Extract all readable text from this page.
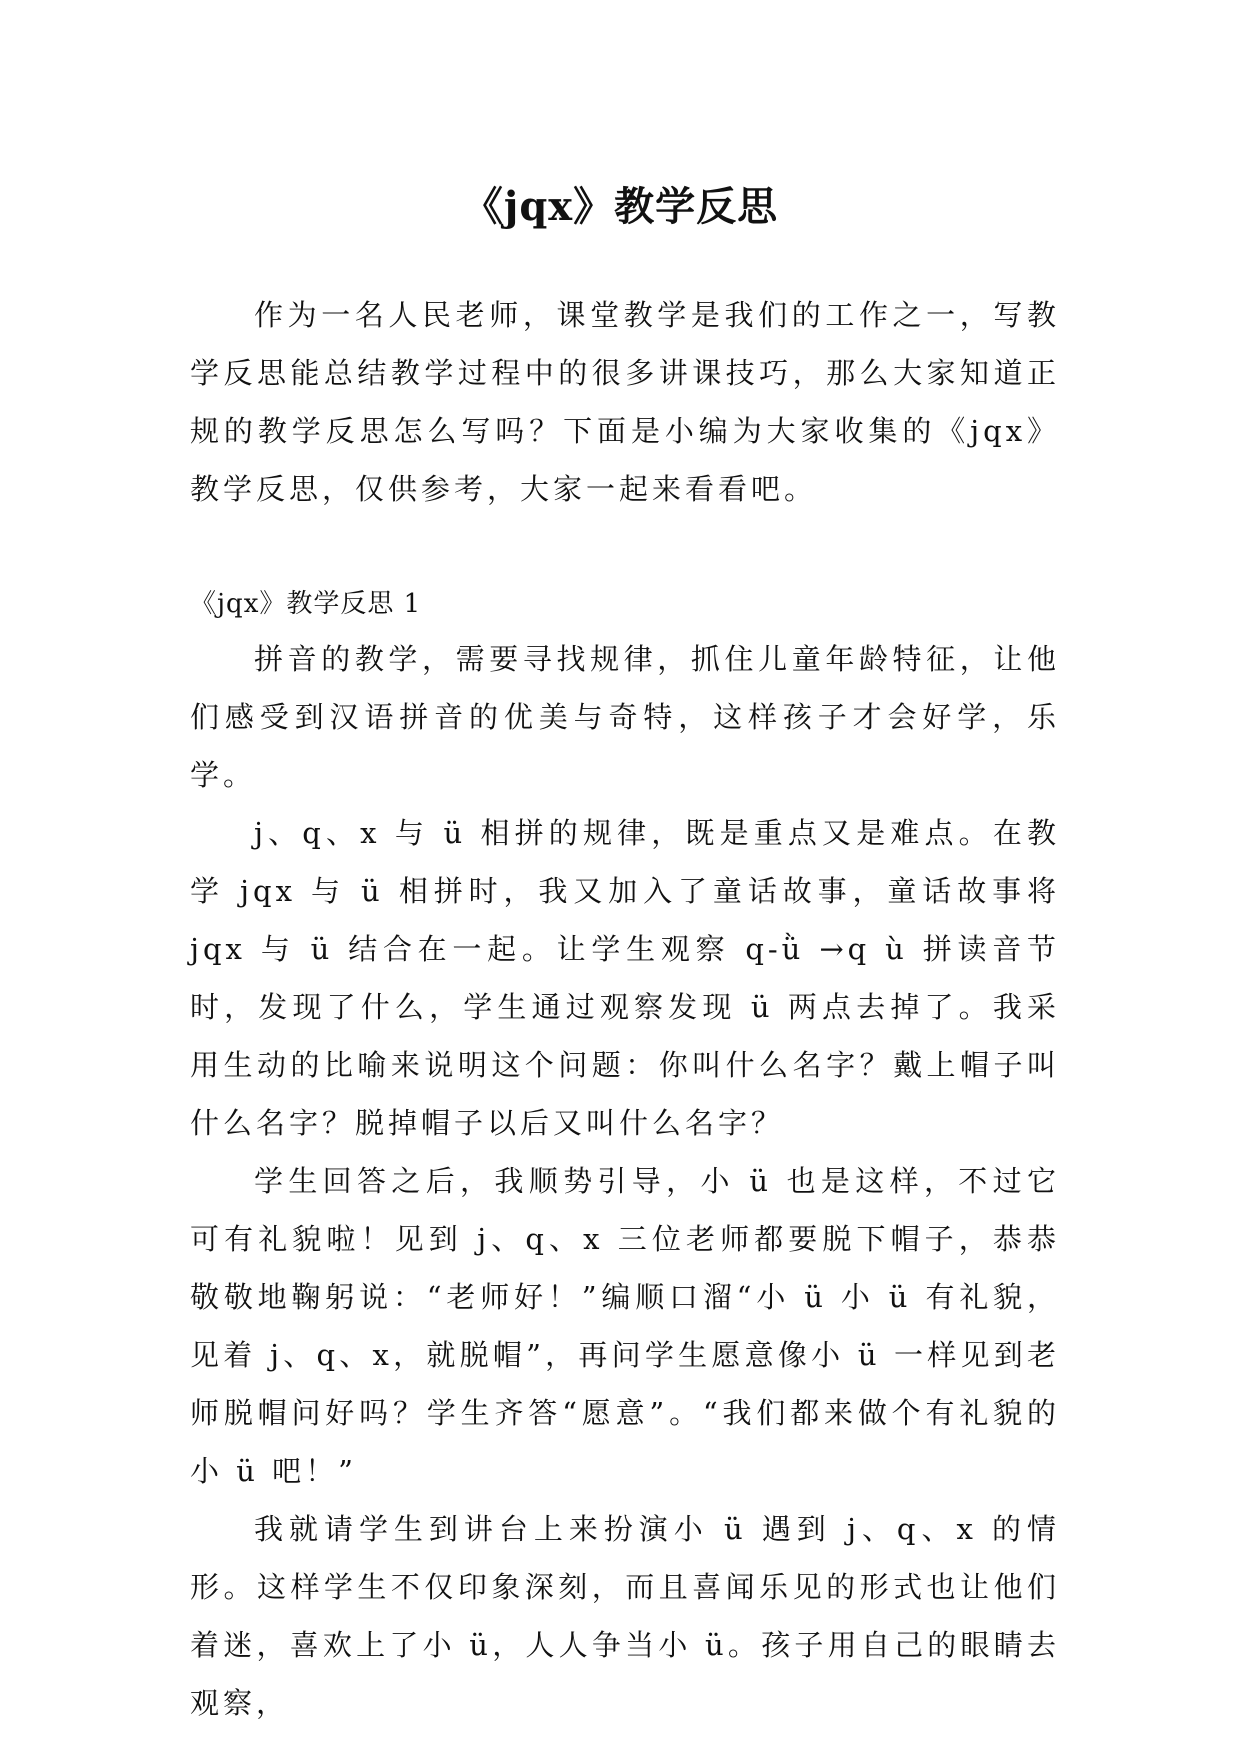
《jqx》教学反思

作为一名人民老师，课堂教学是我们的工作之一，写教学反思能总结教学过程中的很多讲课技巧，那么大家知道正规的教学反思怎么写吗？下面是小编为大家收集的《jqx》教学反思，仅供参考，大家一起来看看吧。

《jqx》教学反思 1

拼音的教学，需要寻找规律，抓住儿童年龄特征，让他们感受到汉语拼音的优美与奇特，这样孩子才会好学，乐学。

j、q、x 与 ü 相拼的规律，既是重点又是难点。在教学 jqx 与 ü 相拼时，我又加入了童话故事，童话故事将 jqx 与 ü 结合在一起。让学生观察 q-ǜ →q ù 拼读音节时，发现了什么，学生通过观察发现 ü 两点去掉了。我采用生动的比喻来说明这个问题：你叫什么名字？戴上帽子叫什么名字？脱掉帽子以后又叫什么名字？

学生回答之后，我顺势引导，小 ü 也是这样，不过它可有礼貌啦！见到 j、q、x 三位老师都要脱下帽子，恭恭敬敬地鞠躬说：“老师好！”编顺口溜“小 ü 小 ü 有礼貌，见着 j、q、x，就脱帽”，再问学生愿意像小 ü 一样见到老师脱帽问好吗？学生齐答“愿意”。“我们都来做个有礼貌的小 ü 吧！”

我就请学生到讲台上来扮演小 ü 遇到 j、q、x 的情形。这样学生不仅印象深刻，而且喜闻乐见的形式也让他们着迷，喜欢上了小 ü，人人争当小 ü。孩子用自己的眼睛去观察，
